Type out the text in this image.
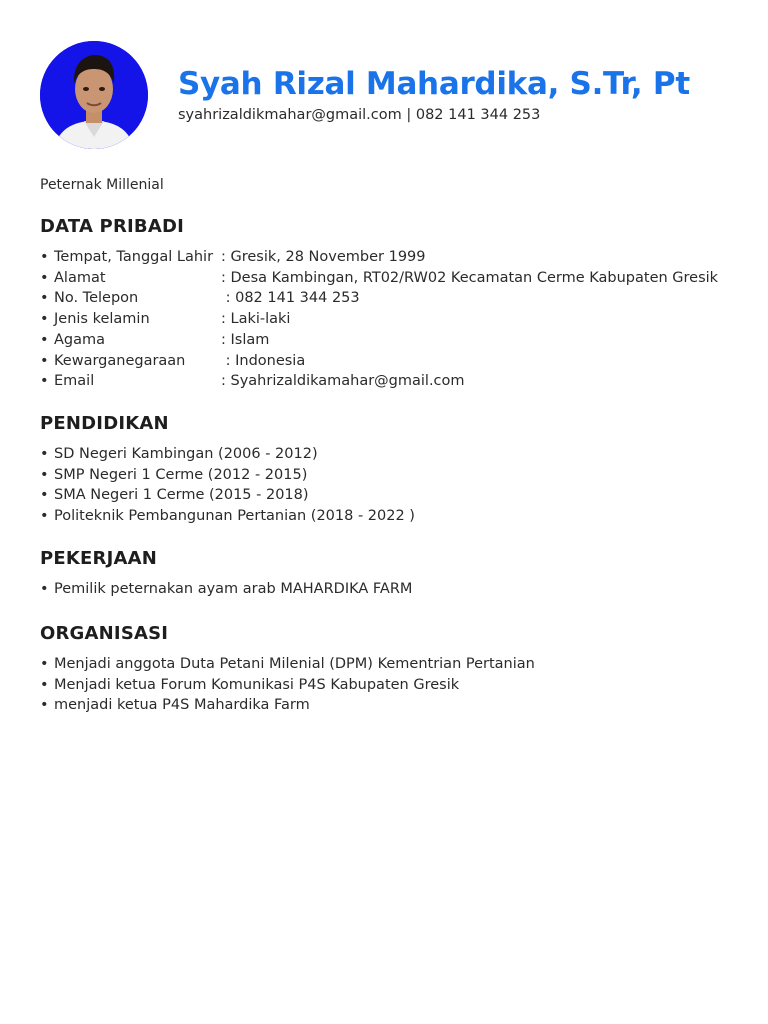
Syah Rizal Mahardika, S.Tr, Pt
syahrizaldikmahar@gmail.com | 082 141 344 253
Peternak Millenial
DATA PRIBADI
• Tempat, Tanggal Lahir : Gresik, 28 November 1999
• Alamat	: Desa Kambingan, RT02/RW02 Kecamatan Cerme Kabupaten Gresik
• No. Telepon	: 082 141 344 253
• Jenis kelamin	: Laki-laki
• Agama	: Islam
• Kewarganegaraan : Indonesia
• Email	: Syahrizaldikamahar@gmail.com
PENDIDIKAN
• SD Negeri Kambingan (2006 - 2012)
• SMP Negeri 1 Cerme (2012 - 2015)
• SMA Negeri 1 Cerme (2015 - 2018)
• Politeknik Pembangunan Pertanian (2018 - 2022 )
PEKERJAAN
• Pemilik peternakan ayam arab MAHARDIKA FARM
ORGANISASI
• Menjadi anggota Duta Petani Milenial (DPM) Kementrian Pertanian
• Menjadi ketua Forum Komunikasi P4S Kabupaten Gresik
• menjadi ketua P4S Mahardika Farm
